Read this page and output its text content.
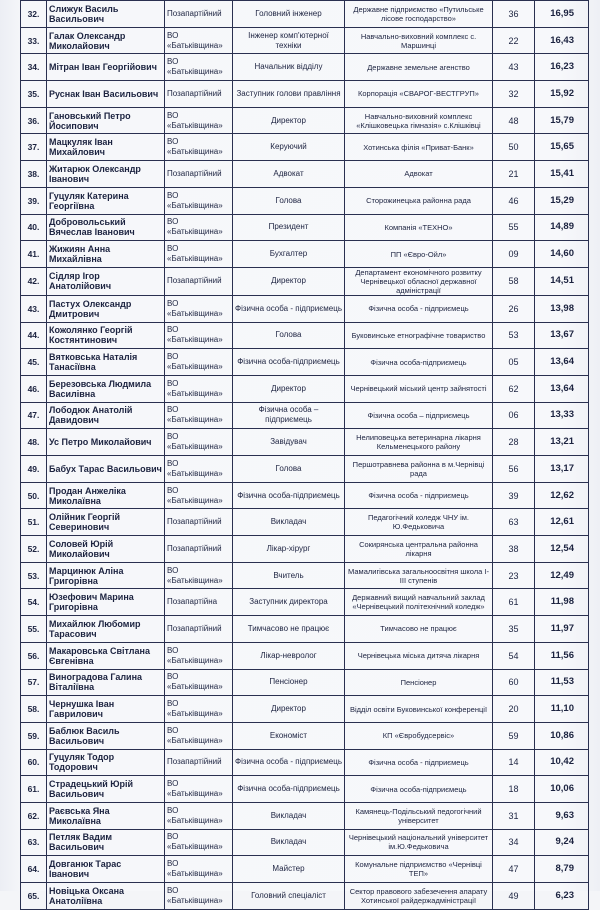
32.	Слижук Василь Васильович	Позапартійний	Головний інженер	Державне підприємство «Путильське лісове господарство»	36	16,95
33.	Галак Олександр Миколайович	ВО «Батьківщина»	Інженер комп'ютерної техніки	Навчально-виховний комплекс с. Маршинці	22	16,43
34.	Мітран Іван Георгійович	ВО «Батьківщина»	Начальник відділу	Державне земельне агенство	43	16,23
35.	Руснак Іван Васильович	Позапартійний	Заступник голови правління	Корпорація «СВАРОГ-ВЕСТГРУП»	32	15,92
36.	Гановський Петро Йосипович	ВО «Батьківщина»	Директор	Навчально-виховний комплекс «Клішковецька гімназія» с.Клішківці	48	15,79
37.	Мацкуляк Іван Михайлович	ВО «Батьківщина»	Керуючий	Хотинська філія «Приват-Банк»	50	15,65
38.	Житарюк Олександр Іванович	Позапартійний	Адвокат	Адвокат	21	15,41
39.	Гуцуляк Катерина Георгіївна	ВО «Батьківщина»	Голова	Сторожинецька районна рада	46	15,29
40.	Добровольський Вячеслав Іванович	ВО «Батьківщина»	Президент	Компанія «ТЕХНО»	55	14,89
41.	Жижиян Анна Михайлівна	ВО «Батьківщина»	Бухгалтер	ПП «Євро-Ойл»	09	14,60
42.	Сідляр Ігор Анатолійович	Позапартійний	Директор	Департамент економічного розвитку Чернівецької обласної державної адміністрації	58	14,51
43.	Пастух Олександр Дмитрович	ВО «Батьківщина»	Фізична особа - підприємець	Фізична особа - підприємець	26	13,98
44.	Кожолянко Георгій Костянтинович	ВО «Батьківщина»	Голова	Буковинське етнографічне товариство	53	13,67
45.	Вятковська Наталія Танасіївна	ВО «Батьківщина»	Фізична особа-підприємець	Фізична особа-підприємець	05	13,64
46.	Березовська Людмила Василівна	ВО «Батьківщина»	Директор	Чернівецький міський центр зайнятості	62	13,64
47.	Лободюк Анатолій Давидович	ВО «Батьківщина»	Фізична особа – підприємець	Фізична особа – підприємець	06	13,33
48.	Ус Петро Миколайович	ВО «Батьківщина»	Завідувач	Нелиповецька ветеринарна лікарня Кельменецького району	28	13,21
49.	Бабух Тарас Васильович	ВО «Батьківщина»	Голова	Першотравнева районна в м.Чернівці рада	56	13,17
50.	Продан Анжеліка Миколаївна	ВО «Батьківщина»	Фізична особа-підприємець	Фізична особа - підприємець	39	12,62
51.	Олійник Георгій Северинович	Позапартійний	Викладач	Педагогічний коледж ЧНУ ім. Ю.Федьковича	63	12,61
52.	Соловей Юрій Миколайович	Позапартійний	Лікар-хірург	Сокирянська центральна районна лікарня	38	12,54
53.	Марцинюк Аліна Григорівна	ВО «Батьківщина»	Вчитель	Мамалигівська загальноосвітня школа І-ІІІ ступенів	23	12,49
54.	Юзефович Марина Григорівна	Позапартійна	Заступник директора	Державний вищий навчальний заклад «Чернівецький політехнічний коледж»	61	11,98
55.	Михайлюк Любомир Тарасович	Позапартійний	Тимчасово не працює	Тимчасово не працює	35	11,97
56.	Макаровська Світлана Євгенівна	ВО «Батьківщина»	Лікар-невролог	Чернівецька міська дитяча лікарня	54	11,56
57.	Виноградова Галина Віталіївна	ВО «Батьківщина»	Пенсіонер	Пенсіонер	60	11,53
58.	Чернушка Іван Гаврилович	ВО «Батьківщина»	Директор	Відділ освіти Буковинської конференції	20	11,10
59.	Баблюк Василь Васильович	ВО «Батьківщина»	Економіст	КП «Євробудсервіс»	59	10,86
60.	Гуцуляк Тодор Тодорович	Позапартійний	Фізична особа - підприємець	Фізична особа - підприємець	14	10,42
61.	Страдецький Юрій Васильович	ВО «Батьківщина»	Фізична особа-підприємець	Фізична особа-підприємець	18	10,06
62.	Раєвська Яна Миколаївна	ВО «Батьківщина»	Викладач	Камянець-Подільський педогогічний університет	31	9,63
63.	Петляк Вадим Васильович	ВО «Батьківщина»	Викладач	Чернівецький національний університет ім.Ю.Федьковича	34	9,24
64.	Довганюк Тарас Іванович	ВО «Батьківщина»	Майстер	Комунальне підприємство «Чернівці ТЕП»	47	8,79
65.	Новіцька Оксана Анатоліївна	ВО «Батьківщина»	Головний спеціаліст	Сектор правового забезечення апарату Хотинської райдержадміністрації	49	6,23
